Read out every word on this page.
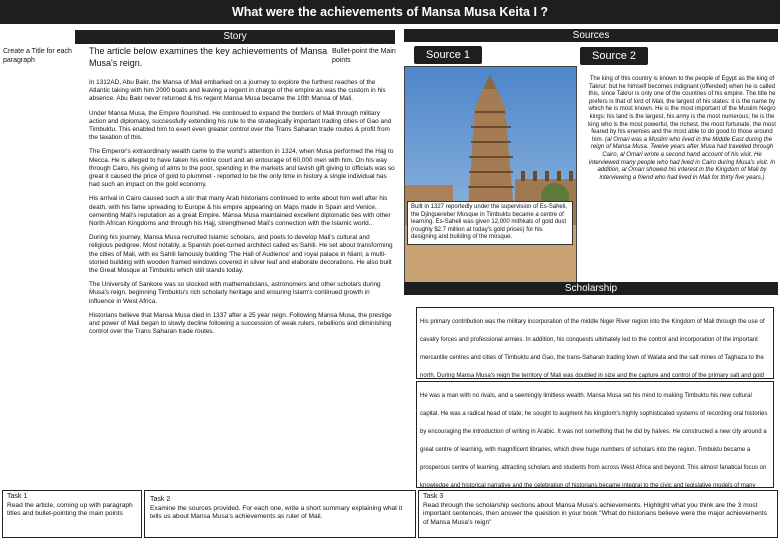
What were the achievements of Mansa Musa Keita I ?
Story
Create a Title for each paragraph
The article below examines the key achievements of Mansa Musa's reign.
Bullet-point the Main points

In 1312AD, Abu Bakr, the Mansa of Mali embarked on a journey to explore the furthest reaches of the Atlantic taking with him 2000 boats and leaving a regent in charge of the empire as was the custom in his absence. Abu Bakr never returned & his regent Mansa Musa became the 10th Mansa of Mali.

Under Mansa Musa, the Empire flourished. He continued to expand the borders of Mali through military action and diplomacy, successfully extending his rule to the strategically important trading cities of Gao and Timbuktu. This enabled him to exert even greater control over the Trans Saharan trade routes & profit from the taxation of this.

The Emperor's extraordinary wealth came to the world's attention in 1324, when Musa performed the Hajj to Mecca. He is alleged to have taken his entire court and an entourage of 60,000 men with him. On his way through Cairo, his giving of alms to the poor, spending in the markets and lavish gift giving to officials was so great it caused the price of gold to plummet - reported to be the only time in history a single individual has had such an impact on the gold economy.

His arrival in Cairo caused such a stir that many Arab historians continued to write about him well after his death, with his fame spreading to Europe & his empire appearing on Maps made in Spain and Venice, cementing Mali's reputation as a great Empire. Mansa Musa maintained excellent diplomatic ties with other North African Kingdoms and through his Hajj, strengthened Mali's connection with the Islamic world..

During his journey, Mansa Musa recruited Islamic scholars, and poets to develop Mali's cultural and religious pedigree. Most notably, a Spanish poet-turned architect called es Sahili. He set about transforming the cities of Mali, with es Sahili famously building 'The Hall of Audience' and royal palace in Niani; a multi-storied building with wooden framed windows covered in silver leaf and elaborate decorations. He also built the Great Mosque at Timbuktu which still stands today.

The University of Sankore was so stocked with mathematicians, astronomers and other scholars during Musa's reign, beginning Timbuktu's rich scholarly heritage and ensuring Islam's continued growth in influence in West Africa.

Historians believe that Mansa Musa died in 1337 after a 25 year reign. Following Mansa Musa, the prestige and power of Mali began to slowly decline following a succession of weak rulers, rebellions and diminishing control over the Trans Saharan trade routes.

Sources
Source 1	Source 2
Built in 1327 reportedly under the supervision of Es-Saheli, the Djinguereber Mosque in Timbuktu became a centre of learning. Es-Saheli was given 12,000 mithkals of gold dust (roughly $2.7 million at today's gold prices) for his designing and building of the mosque.
The king of this country is known to the people of Egypt as the king of Takrur: but he himself becomes indignant (offended) when he is called this, since Takrur is only one of the countries of his empire. The title he prefers is that of lord of Mali, the largest of his states: it is the name by which he is most known. He is the most important of the Muslim Negro kings: his land is the largest, his army is the most numerous; he is the king who is the most powerful, the richest, the most fortunate, the most feared by his enemies and the most able to do good to those around him. (al Omari was a Muslim who lived in the Middle East during the reign of Mansa Musa. Twelve years after Musa had travelled through Cairo, al Omari wrote a second hand account of his visit. He interviewed many people who had lived in Cairo during Musa's visit. In addition, al Omari showed his interest in the Kingdom of Mali by interviewing a friend who had lived in Mali for thirty five years.)
Scholarship
His primary contribution was the military incorporation of the middle Niger River region into the Kingdom of Mali through the use of cavalry forces and professional armies. In addition, his conquests ultimately led to the control and incorporation of the important mercantile centres and cities of Timbuktu and Gao, the trans-Saharan trading town of Walata and the salt mines of Taghaza to the north. During Mansa Musa's reign the territory of Mali was doubled in size and the capture and control of the primary salt and gold
He was a man with no rivals, and a seemingly limitless wealth. Mansa Musa set his mind to making Timbuktu his new cultural capital. He was a radical head of state; he sought to augment his kingdom's highly sophisticated systems of recording oral histories by encouraging the introduction of writing in Arabic. It was not something that he did by halves. He constructed a new city around a great centre of learning, with magnificent libraries, which drew huge numbers of scholars into the region. Timbuktu became a prosperous centre of learning, attracting scholars and students from across West Africa and beyond. This almost fanatical focus on knowledge and historical narrative and the celebration of historians became integral to the civic and legislative models of many
Task 1
Read the article, coming up with paragraph titles and bullet-pointing the main points
Task 2
Examine the sources provided. For each one, write a short summary explaining what it tells us about Mansa Musa's achievements as ruler of Mali.
Task 3
Read through the scholarship sections about Mansa Musa's achievements. Highlight what you think are the 3 most important sentences, then answer the question in your book "What do historians believe were the major achievements of Mansa Musa's reign"
